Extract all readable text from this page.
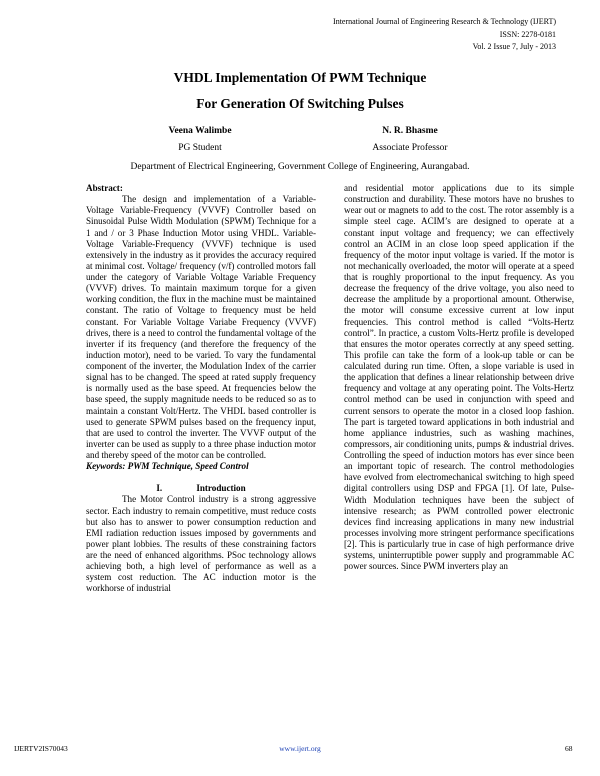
International Journal of Engineering Research & Technology (IJERT)
ISSN: 2278-0181
Vol. 2 Issue 7, July - 2013
VHDL Implementation Of PWM Technique
For Generation Of Switching Pulses
Veena Walimbe
PG Student
N. R. Bhasme
Associate Professor
Department of Electrical Engineering, Government College of Engineering, Aurangabad.
Abstract:

The design and implementation of a Variable-Voltage Variable-Frequency (VVVF) Controller based on Sinusoidal Pulse Width Modulation (SPWM) Technique for a 1 and / or 3 Phase Induction Motor using VHDL. Variable-Voltage Variable-Frequency (VVVF) technique is used extensively in the industry as it provides the accuracy required at minimal cost. Voltage/ frequency (v/f) controlled motors fall under the category of Variable Voltage Variable Frequency (VVVF) drives. To maintain maximum torque for a given working condition, the flux in the machine must be maintained constant. The ratio of Voltage to frequency must be held constant. For Variable Voltage Variabe Frequency (VVVF) drives, there is a need to control the fundamental voltage of the inverter if its frequency (and therefore the frequency of the induction motor), need to be varied. To vary the fundamental component of the inverter, the Modulation Index of the carrier signal has to be changed. The speed at rated supply frequency is normally used as the base speed. At frequencies below the base speed, the supply magnitude needs to be reduced so as to maintain a constant Volt/Hertz. The VHDL based controller is used to generate SPWM pulses based on the frequency input, that are used to control the inverter. The VVVF output of the inverter can be used as supply to a three phase induction motor and thereby speed of the motor can be controlled.

Keywords: PWM Technique, Speed Control

I.	Introduction

The Motor Control industry is a strong aggressive sector. Each industry to remain competitive, must reduce costs but also has to answer to power consumption reduction and EMI radiation reduction issues imposed by governments and power plant lobbies. The results of these constraining factors are the need of enhanced algorithms. PSoc technology allows achieving both, a high level of performance as well as a system cost reduction. The AC induction motor is the workhorse of industrial

and residential motor applications due to its simple construction and durability. These motors have no brushes to wear out or magnets to add to the cost. The rotor assembly is a simple steel cage. ACIM’s are designed to operate at a constant input voltage and frequency; we can effectively control an ACIM in an close loop speed application if the frequency of the motor input voltage is varied. If the motor is not mechanically overloaded, the motor will operate at a speed that is roughly proportional to the input frequency. As you decrease the frequency of the drive voltage, you also need to decrease the amplitude by a proportional amount. Otherwise, the motor will consume excessive current at low input frequencies. This control method is called “Volts-Hertz control”. In practice, a custom Volts-Hertz profile is developed that ensures the motor operates correctly at any speed setting. This profile can take the form of a look-up table or can be calculated during run time. Often, a slope variable is used in the application that defines a linear relationship between drive frequency and voltage at any operating point. The Volts-Hertz control method can be used in conjunction with speed and current sensors to operate the motor in a closed loop fashion. The part is targeted toward applications in both industrial and home appliance industries, such as washing machines, compressors, air conditioning units, pumps & industrial drives. Controlling the speed of induction motors has ever since been an important topic of research. The control methodologies have evolved from electromechanical switching to high speed digital controllers using DSP and FPGA [1]. Of late, Pulse-Width Modulation techniques have been the subject of intensive research; as PWM controlled power electronic devices find increasing applications in many new industrial processes involving more stringent performance specifications [2]. This is particularly true in case of high performance drive systems, uninterruptible power supply and programmable AC power sources. Since PWM inverters play an

IJERTV2IS70043	www.ijert.org	68
